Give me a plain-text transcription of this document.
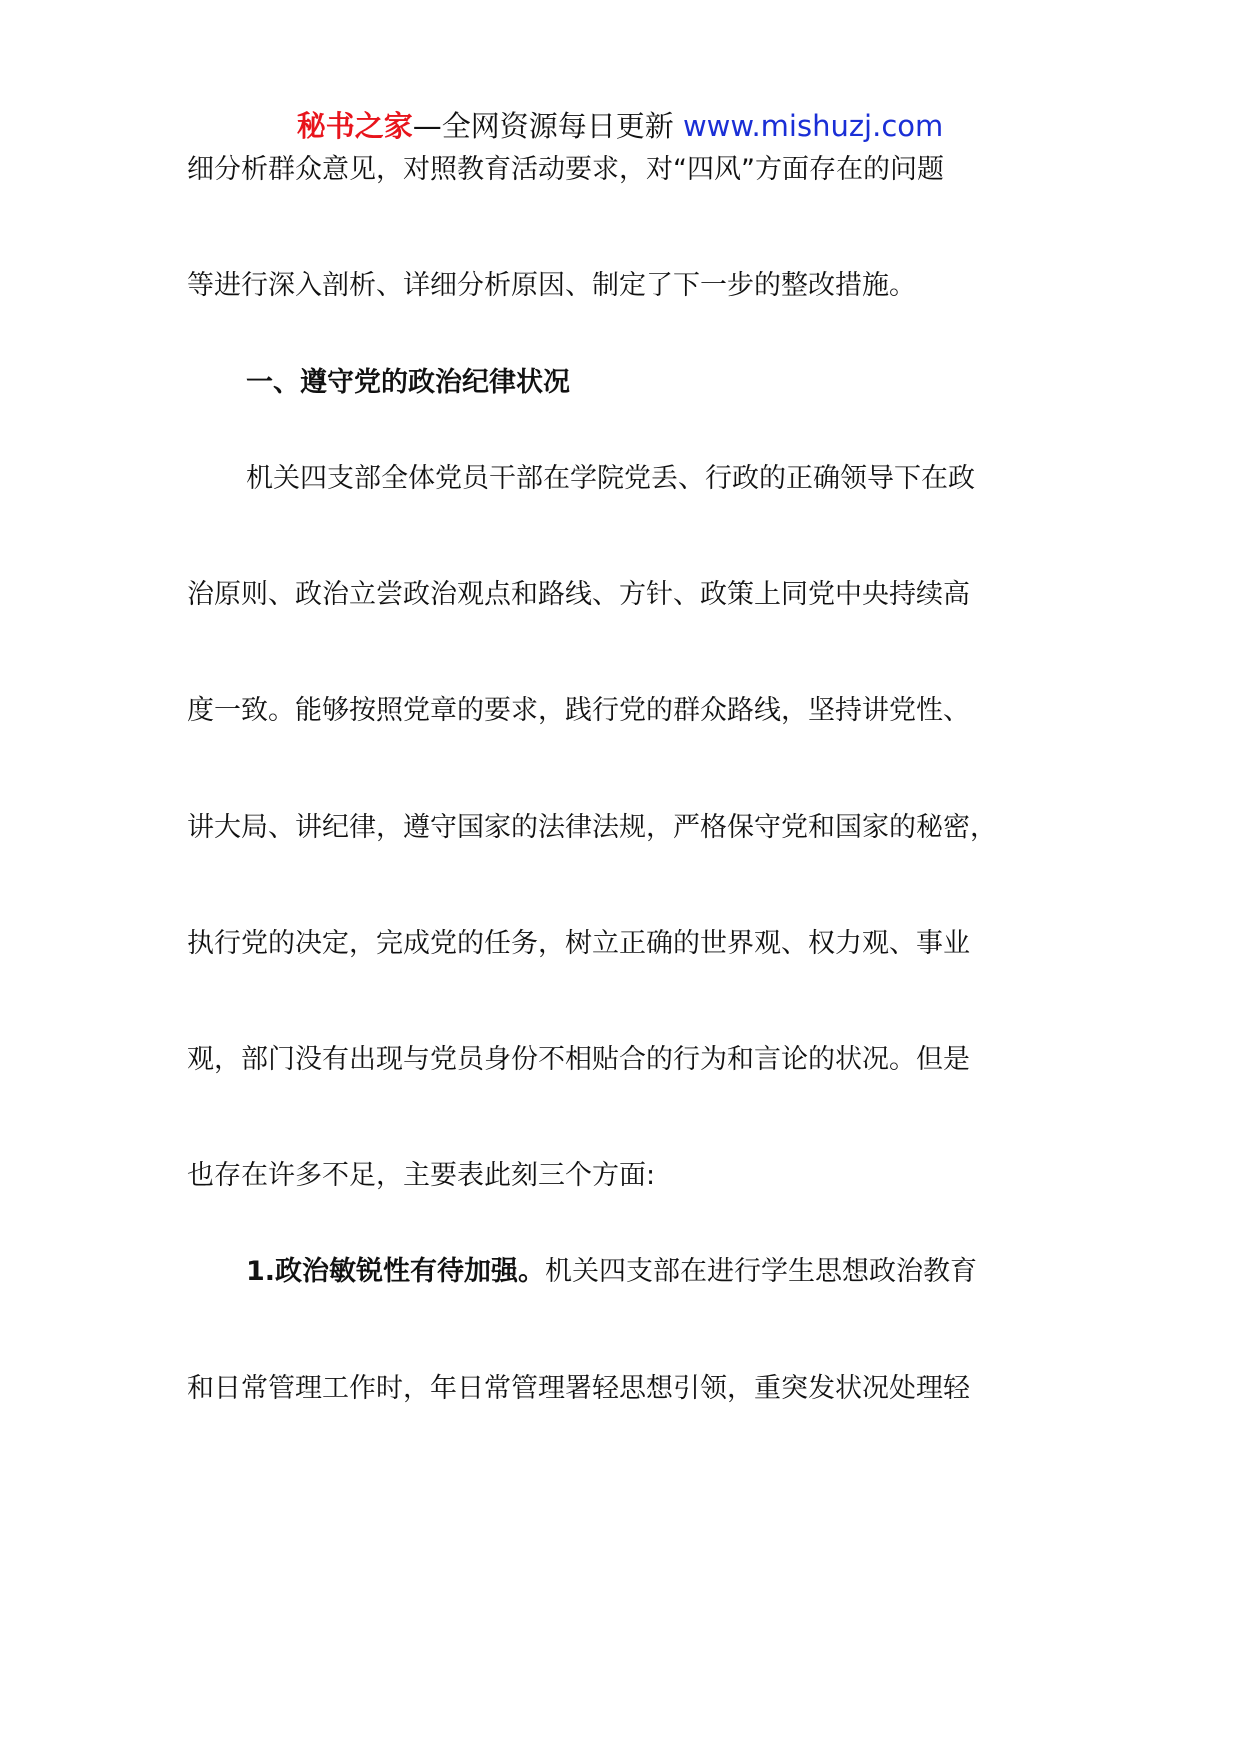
秘书之家—全网资源每日更新 www.mishuzj.com
细分析群众意见，对照教育活动要求，对“四风”方面存在的问题
等进行深入剖析、详细分析原因、制定了下一步的整改措施。
一、遵守党的政治纪律状况
机关四支部全体党员干部在学院党丢、行政的正确领导下在政
治原则、政治立尝政治观点和路线、方针、政策上同党中央持续高
度一致。能够按照党章的要求，践行党的群众路线，坚持讲党性、
讲大局、讲纪律，遵守国家的法律法规，严格保守党和国家的秘密，
执行党的决定，完成党的任务，树立正确的世界观、权力观、事业
观，部门没有出现与党员身份不相贴合的行为和言论的状况。但是
也存在许多不足，主要表此刻三个方面:
1.政治敏锐性有待加强。机关四支部在进行学生思想政治教育
和日常管理工作时，年日常管理署轻思想引领，重突发状况处理轻
